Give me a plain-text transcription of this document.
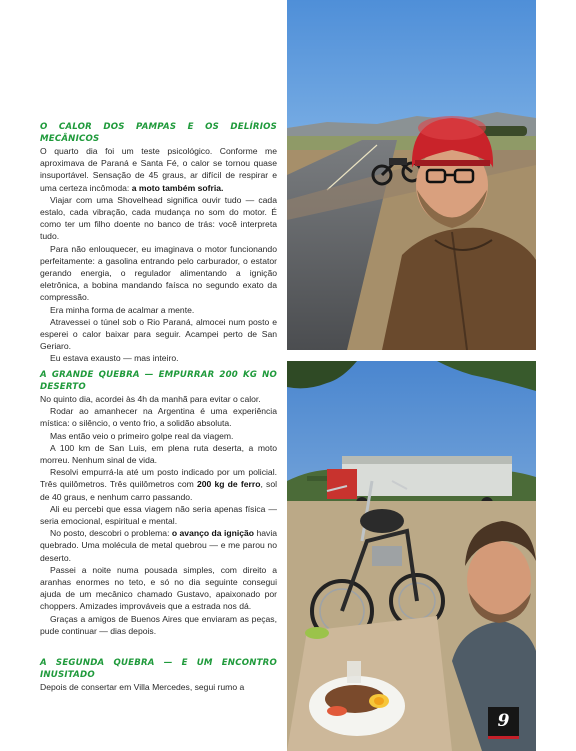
O CALOR DOS PAMPAS E OS DELÍRIOS MECÂNICOS

O quarto dia foi um teste psicológico. Conforme me aproximava de Paraná e Santa Fé, o calor se tornou quase insuportável. Sensação de 45 graus, ar difícil de respirar e uma certeza incômoda: a moto também sofria.

Viajar com uma Shovelhead significa ouvir tudo — cada estalo, cada vibração, cada mudança no som do motor. É como ter um filho doente no banco de trás: você interpreta tudo.

Para não enlouquecer, eu imaginava o motor funcionando perfeitamente: a gasolina entrando pelo carburador, o estator gerando energia, o regulador alimentando a ignição eletrônica, a bobina mandando faísca no segundo exato da compressão.

Era minha forma de acalmar a mente.

Atravessei o túnel sob o Rio Paraná, almocei num posto e esperei o calor baixar para seguir. Acampei perto de San Geriaro.

Eu estava exausto — mas inteiro.

A GRANDE QUEBRA — EMPURRAR 200 KG NO DESERTO

No quinto dia, acordei às 4h da manhã para evitar o calor.

Rodar ao amanhecer na Argentina é uma experiência mística: o silêncio, o vento frio, a solidão absoluta.

Mas então veio o primeiro golpe real da viagem.

A 100 km de San Luis, em plena ruta deserta, a moto morreu. Nenhum sinal de vida.

Resolvi empurrá-la até um posto indicado por um policial. Três quilômetros. Três quilômetros com 200 kg de ferro, sol de 40 graus, e nenhum carro passando.

Ali eu percebi que essa viagem não seria apenas física — seria emocional, espiritual e mental.

No posto, descobri o problema: o avanço da ignição havia quebrado. Uma molécula de metal quebrou — e me parou no deserto.

Passei a noite numa pousada simples, com direito a aranhas enormes no teto, e só no dia seguinte consegui ajuda de um mecânico chamado Gustavo, apaixonado por choppers. Amizades improváveis que a estrada nos dá.

Graças a amigos de Buenos Aires que enviaram as peças, pude continuar — dias depois.

A SEGUNDA QUEBRA — E UM ENCONTRO INUSITADO

Depois de consertar em Villa Mercedes, segui rumo a

9
